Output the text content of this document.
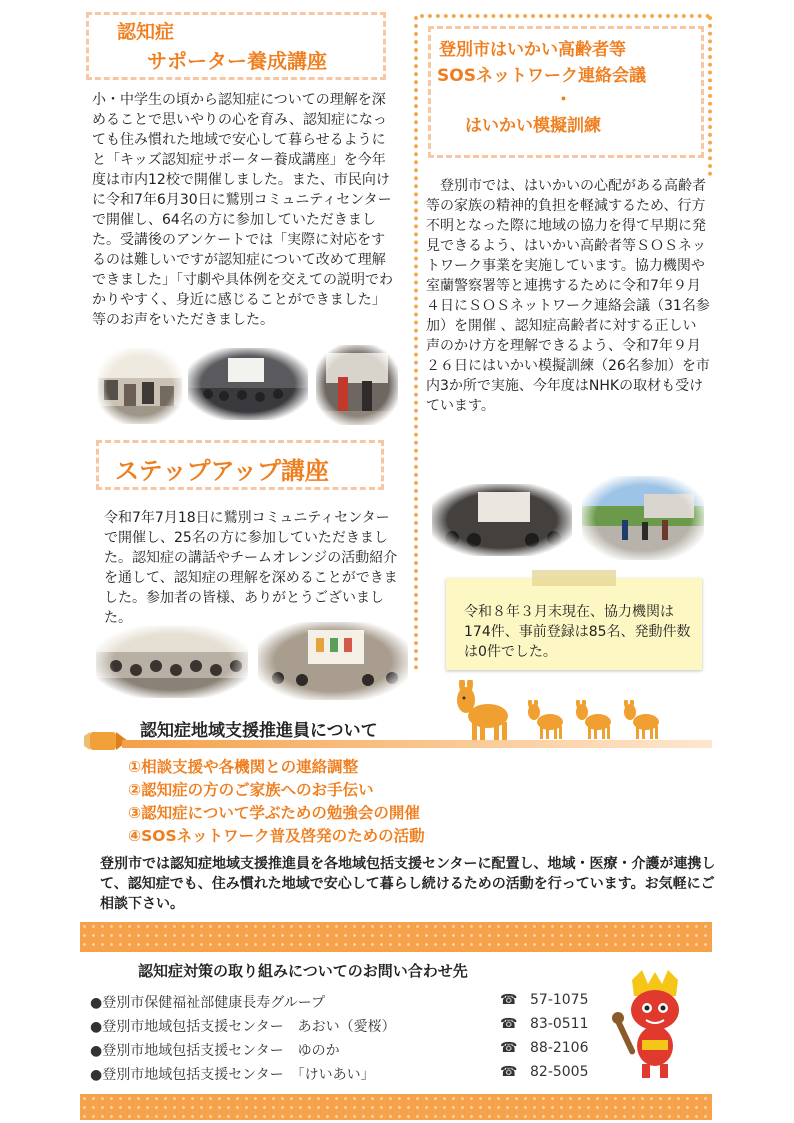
認知症
サポーター養成講座
小・中学生の頃から認知症についての理解を深めることで思いやりの心を育み、認知症になっても住み慣れた地域で安心して暮らせるようにと「キッズ認知症サポーター養成講座」を今年度は市内12校で開催しました。また、市民向けに令和7年6月30日に鷲別コミュニティセンターで開催し、64名の方に参加していただきました。受講後のアンケートでは「実際に対応をするのは難しいですが認知症について改めて理解できました」「寸劇や具体例を交えての説明でわかりやすく、身近に感じることができました」等のお声をいただきました。
ステップアップ講座
令和7年7月18日に鷲別コミュニティセンターで開催し、25名の方に参加していただきました。認知症の講話やチームオレンジの活動紹介を通して、認知症の理解を深めることができました。参加者の皆様、ありがとうございました。
登別市はいかい高齢者等
SOSネットワーク連絡会議
・
はいかい模擬訓練
登別市では、はいかいの心配がある高齢者等の家族の精神的負担を軽減するため、行方不明となった際に地域の協力を得て早期に発見できるよう、はいかい高齢者等ＳＯＳネットワーク事業を実施しています。協力機関や室蘭警察署等と連携するために令和7年９月４日にＳＯＳネットワーク連絡会議（31名参加）を開催 、認知症高齢者に対する正しい声のかけ方を理解できるよう、令和7年９月２６日にはいかい模擬訓練（26名参加）を市内3か所で実施、今年度はNHKの取材も受けています。
令和８年３月末現在、協力機関は174件、事前登録は85名、発動件数は0件でした。
認知症地域支援推進員について
①相談支援や各機関との連絡調整
②認知症の方のご家族へのお手伝い
③認知症について学ぶための勉強会の開催
④SOSネットワーク普及啓発のための活動
登別市では認知症地域支援推進員を各地域包括支援センターに配置し、地域・医療・介護が連携して、認知症でも、住み慣れた地域で安心して暮らし続けるための活動を行っています。お気軽にご相談下さい。
認知症対策の取り組みについてのお問い合わせ先
●登別市保健福祉部健康長寿グループ
●登別市地域包括支援センター　あおい（愛桜）
●登別市地域包括支援センター　ゆのか
●登別市地域包括支援センター　「けいあい」
☎
☎
☎
☎
57-1075
83-0511
88-2106
82-5005
